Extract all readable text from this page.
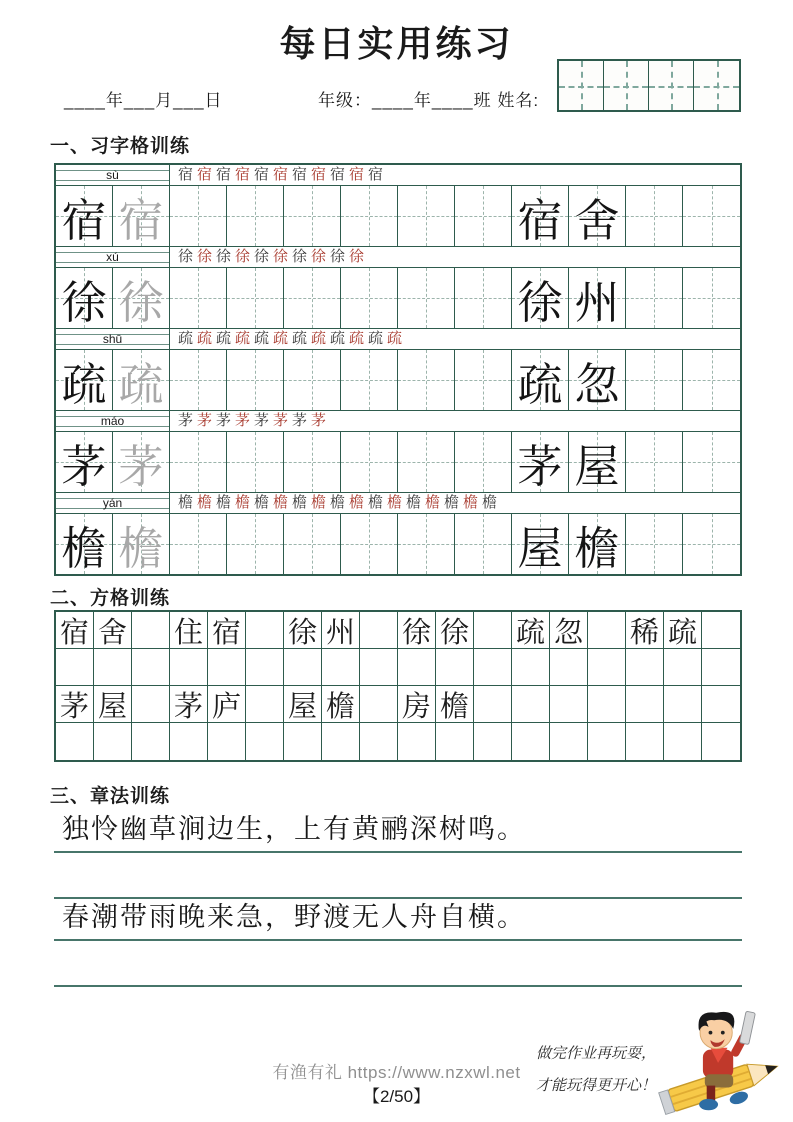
每日实用练习
____年___月___日	年级：____年____班 姓名:
一、习字格训练
sù	宿 宿 宿 宿 宿 宿 宿 宿 宿 宿 宿
宿 宿	宿 舍
xú	徐 徐 徐 徐 徐 徐 徐 徐 徐 徐
徐 徐	徐 州
shū	疏 疏 疏 疏 疏 疏 疏 疏 疏 疏 疏 疏
疏 疏	疏 忽
máo	茅 茅 茅 茅 茅 茅 茅 茅
茅 茅	茅 屋
yán	檐 檐 檐 檐 檐 檐 檐 檐 檐 檐 檐 檐 檐 檐 檐 檐 檐
檐 檐	屋 檐
二、方格训练
宿 舍 住 宿 徐 州 徐 徐 疏 忽 稀 疏
茅 屋 茅 庐 屋 檐 房 檐
三、章法训练
独怜幽草涧边生，上有黄鹂深树鸣。
春潮带雨晚来急，野渡无人舟自横。
有渔有礼 https://www.nzxwl.net
【2/50】
做完作业再玩耍，
才能玩得更开心！
